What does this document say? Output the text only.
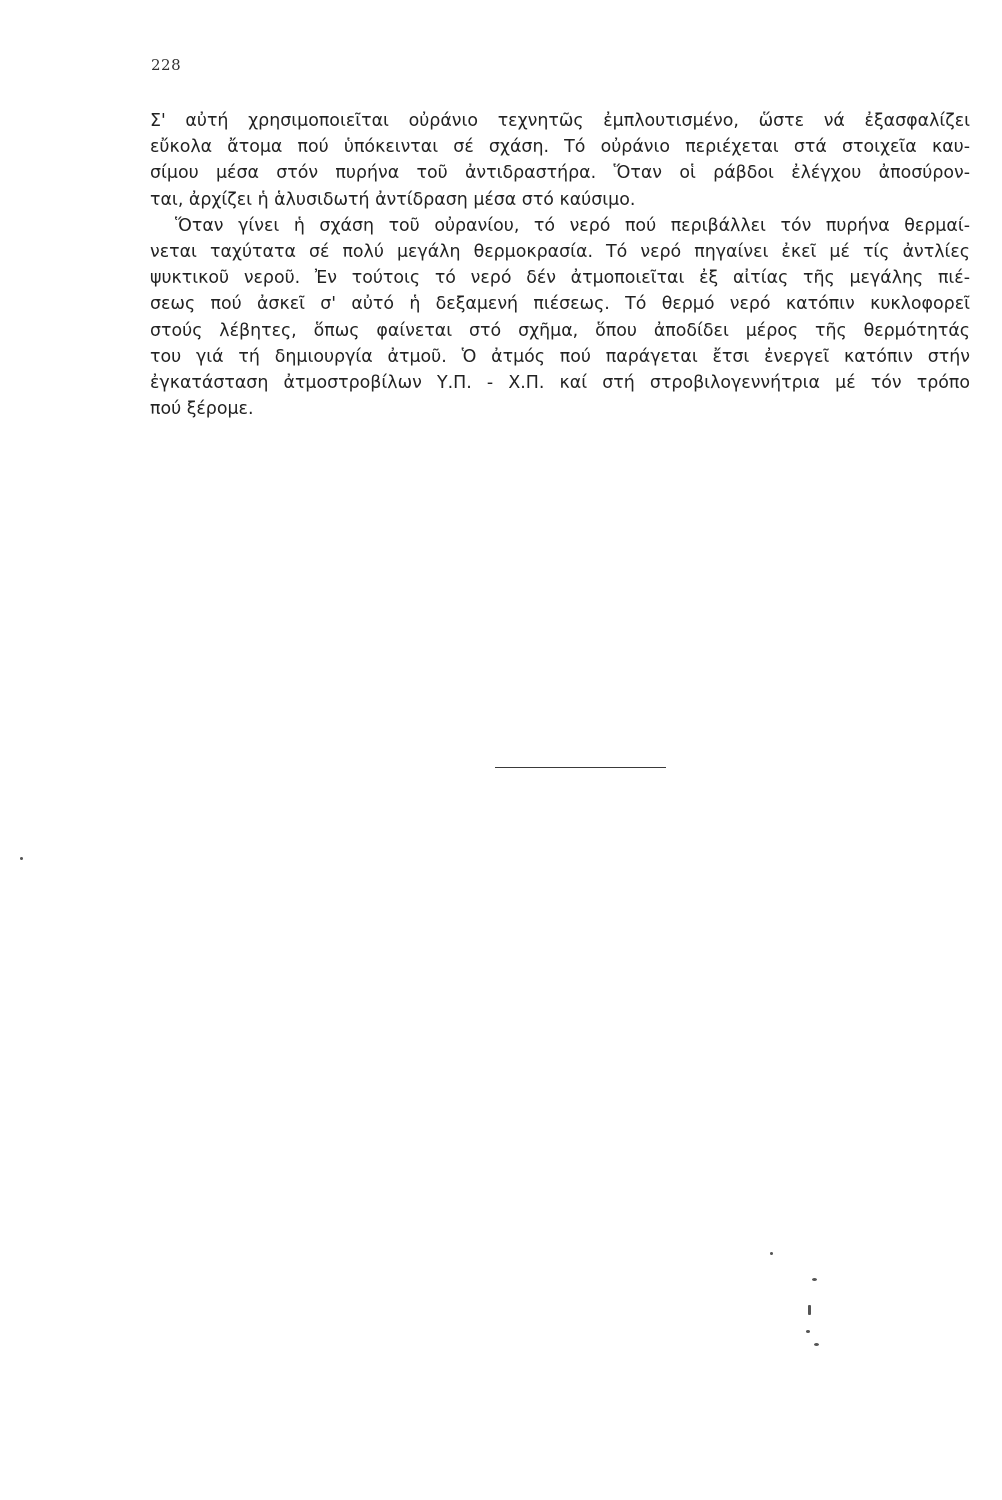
228
Σ' αὐτή χρησιμοποιεῖται οὐράνιο τεχνητῶς ἐμπλουτισμένο, ὥστε νά ἐξασφαλίζει
εὔκολα ἄτομα πού ὑπόκεινται σέ σχάση. Τό οὐράνιο περιέχεται στά στοιχεῖα καυ-
σίμου μέσα στόν πυρήνα τοῦ ἀντιδραστήρα. Ὅταν οἱ ράβδοι ἐλέγχου ἀποσύρον-
ται, ἀρχίζει ἡ ἁλυσιδωτή ἀντίδραση μέσα στό καύσιμο.
Ὅταν γίνει ἡ σχάση τοῦ οὐρανίου, τό νερό πού περιβάλλει τόν πυρήνα θερμαί-
νεται ταχύτατα σέ πολύ μεγάλη θερμοκρασία. Τό νερό πηγαίνει ἐκεῖ μέ τίς ἀντλίες
ψυκτικοῦ νεροῦ. Ἐν τούτοις τό νερό δέν ἀτμοποιεῖται ἐξ αἰτίας τῆς μεγάλης πιέ-
σεως πού ἀσκεῖ σ' αὐτό ἡ δεξαμενή πιέσεως. Τό θερμό νερό κατόπιν κυκλοφορεῖ
στούς λέβητες, ὅπως φαίνεται στό σχῆμα, ὅπου ἀποδίδει μέρος τῆς θερμότητάς
του γιά τή δημιουργία ἀτμοῦ. Ὁ ἀτμός πού παράγεται ἔτσι ἐνεργεῖ κατόπιν στήν
ἐγκατάσταση ἀτμοστροβίλων Υ.Π. - Χ.Π. καί στή στροβιλογεννήτρια μέ τόν τρόπο
πού ξέρομε.
